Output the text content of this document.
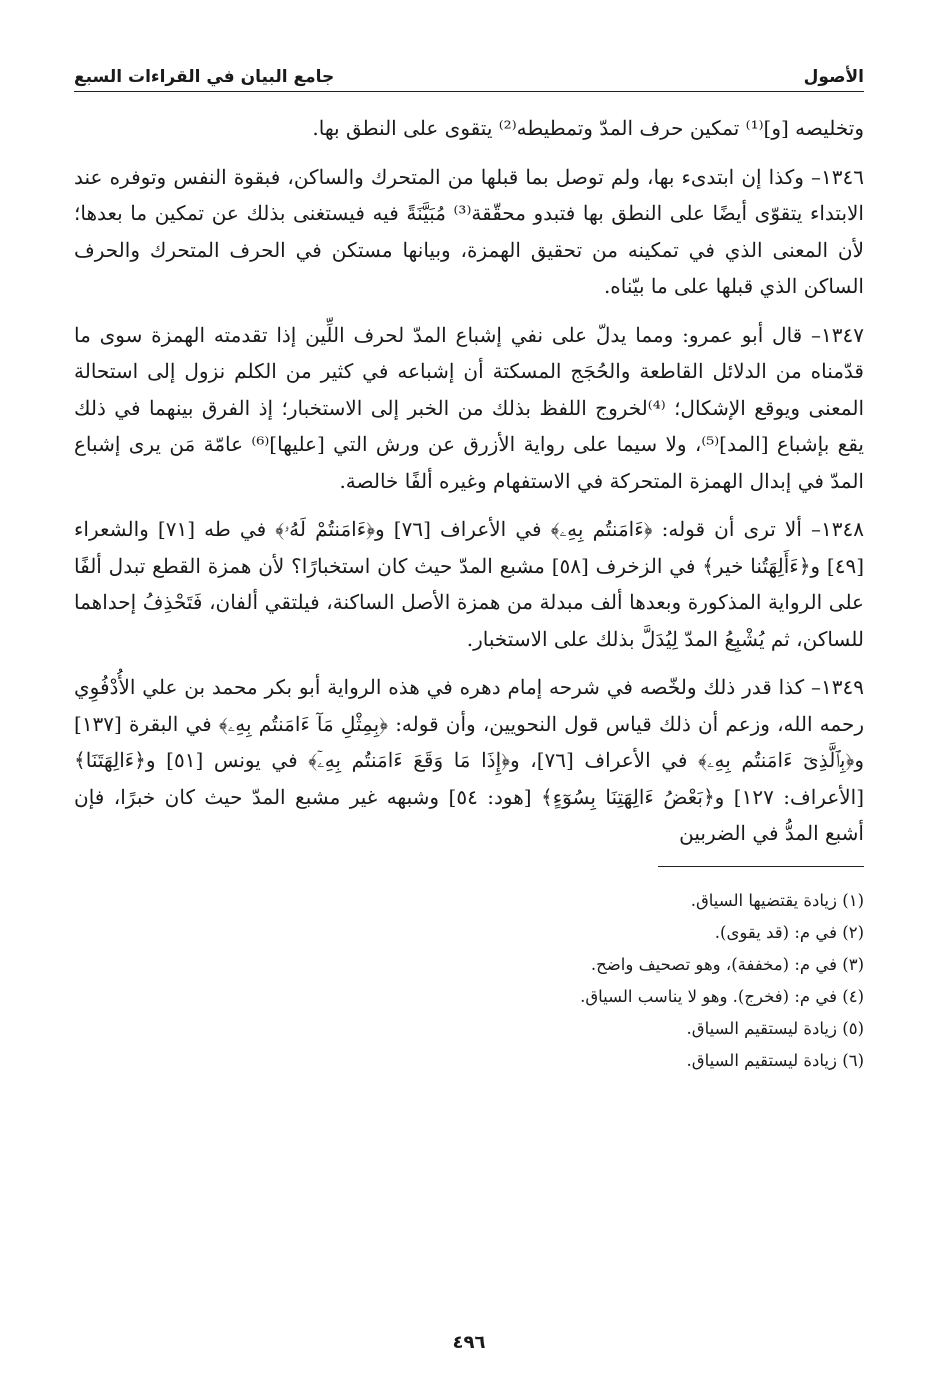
الأصول
جامع البيان في القراءات السبع

وتخليصه [و]⁽¹⁾ تمكين حرف المدّ وتمطيطه⁽²⁾ يتقوى على النطق بها.

١٣٤٦– وكذا إن ابتدىء بها، ولم توصل بما قبلها من المتحرك والساكن، فبقوة النفس وتوفره عند الابتداء يتقوّى أيضًا على النطق بها فتبدو محقّقة⁽³⁾ مُبَيَّنَةً فيه فيستغنى بذلك عن تمكين ما بعدها؛ لأن المعنى الذي في تمكينه من تحقيق الهمزة، وبيانها مستكن في الحرف المتحرك والحرف الساكن الذي قبلها على ما بيّناه.

١٣٤٧– قال أبو عمرو: ومما يدلّ على نفي إشباع المدّ لحرف اللِّين إذا تقدمته الهمزة سوى ما قدّمناه من الدلائل القاطعة والحُجَج المسكتة أن إشباعه في كثير من الكلم نزول إلى استحالة المعنى ويوقع الإشكال؛ ⁽⁴⁾لخروج اللفظ بذلك من الخبر إلى الاستخبار؛ إذ الفرق بينهما في ذلك يقع بإشباع [المد]⁽⁵⁾، ولا سيما على رواية الأزرق عن ورش التي [عليها]⁽⁶⁾ عامّة مَن يرى إشباع المدّ في إبدال الهمزة المتحركة في الاستفهام وغيره ألفًا خالصة.

١٣٤٨– ألا ترى أن قوله: ﴿ءَامَنتُم بِهِۦ﴾ في الأعراف [٧٦] و﴿ءَامَنتُمْ لَهُۥ﴾ في طه [٧١] والشعراء [٤٩] و﴿ءَأَلِهَتُنا خير﴾ في الزخرف [٥٨] مشبع المدّ حيث كان استخبارًا؟ لأن همزة القطع تبدل ألفًا على الرواية المذكورة وبعدها ألف مبدلة من همزة الأصل الساكنة، فيلتقي ألفان، فَتَحْذِفُ إحداهما للساكن، ثم يُشْبِعُ المدّ لِيُدَلَّ بذلك على الاستخبار.

١٣٤٩– كذا قدر ذلك ولخّصه في شرحه إمام دهره في هذه الرواية أبو بكر محمد بن علي الأُدْفُوِي رحمه الله، وزعم أن ذلك قياس قول النحويين، وأن قوله: ﴿بِمِثْلِ مَآ ءَامَنتُم بِهِۦ﴾ في البقرة [١٣٧] و﴿بِٱلَّذِىٓ ءَامَنتُم بِهِۦ﴾ في الأعراف [٧٦]، و﴿إِذَا مَا وَقَعَ ءَامَنتُم بِهِۦٓ﴾ في يونس [٥١] و﴿ءَالِهَتَنَا﴾ [الأعراف: ١٢٧] و﴿بَعْضُ ءَالِهَتِنَا بِسُوٓءٍ﴾ [هود: ٥٤] وشبهه غير مشبع المدّ حيث كان خبرًا، فإن أشبع المدُّ في الضربين

(١) زيادة يقتضيها السياق.
(٢) في م: (قد يقوى).
(٣) في م: (مخففة)، وهو تصحيف واضح.
(٤) في م: (فخرج). وهو لا يناسب السياق.
(٥) زيادة ليستقيم السياق.
(٦) زيادة ليستقيم السياق.
٤٩٦
